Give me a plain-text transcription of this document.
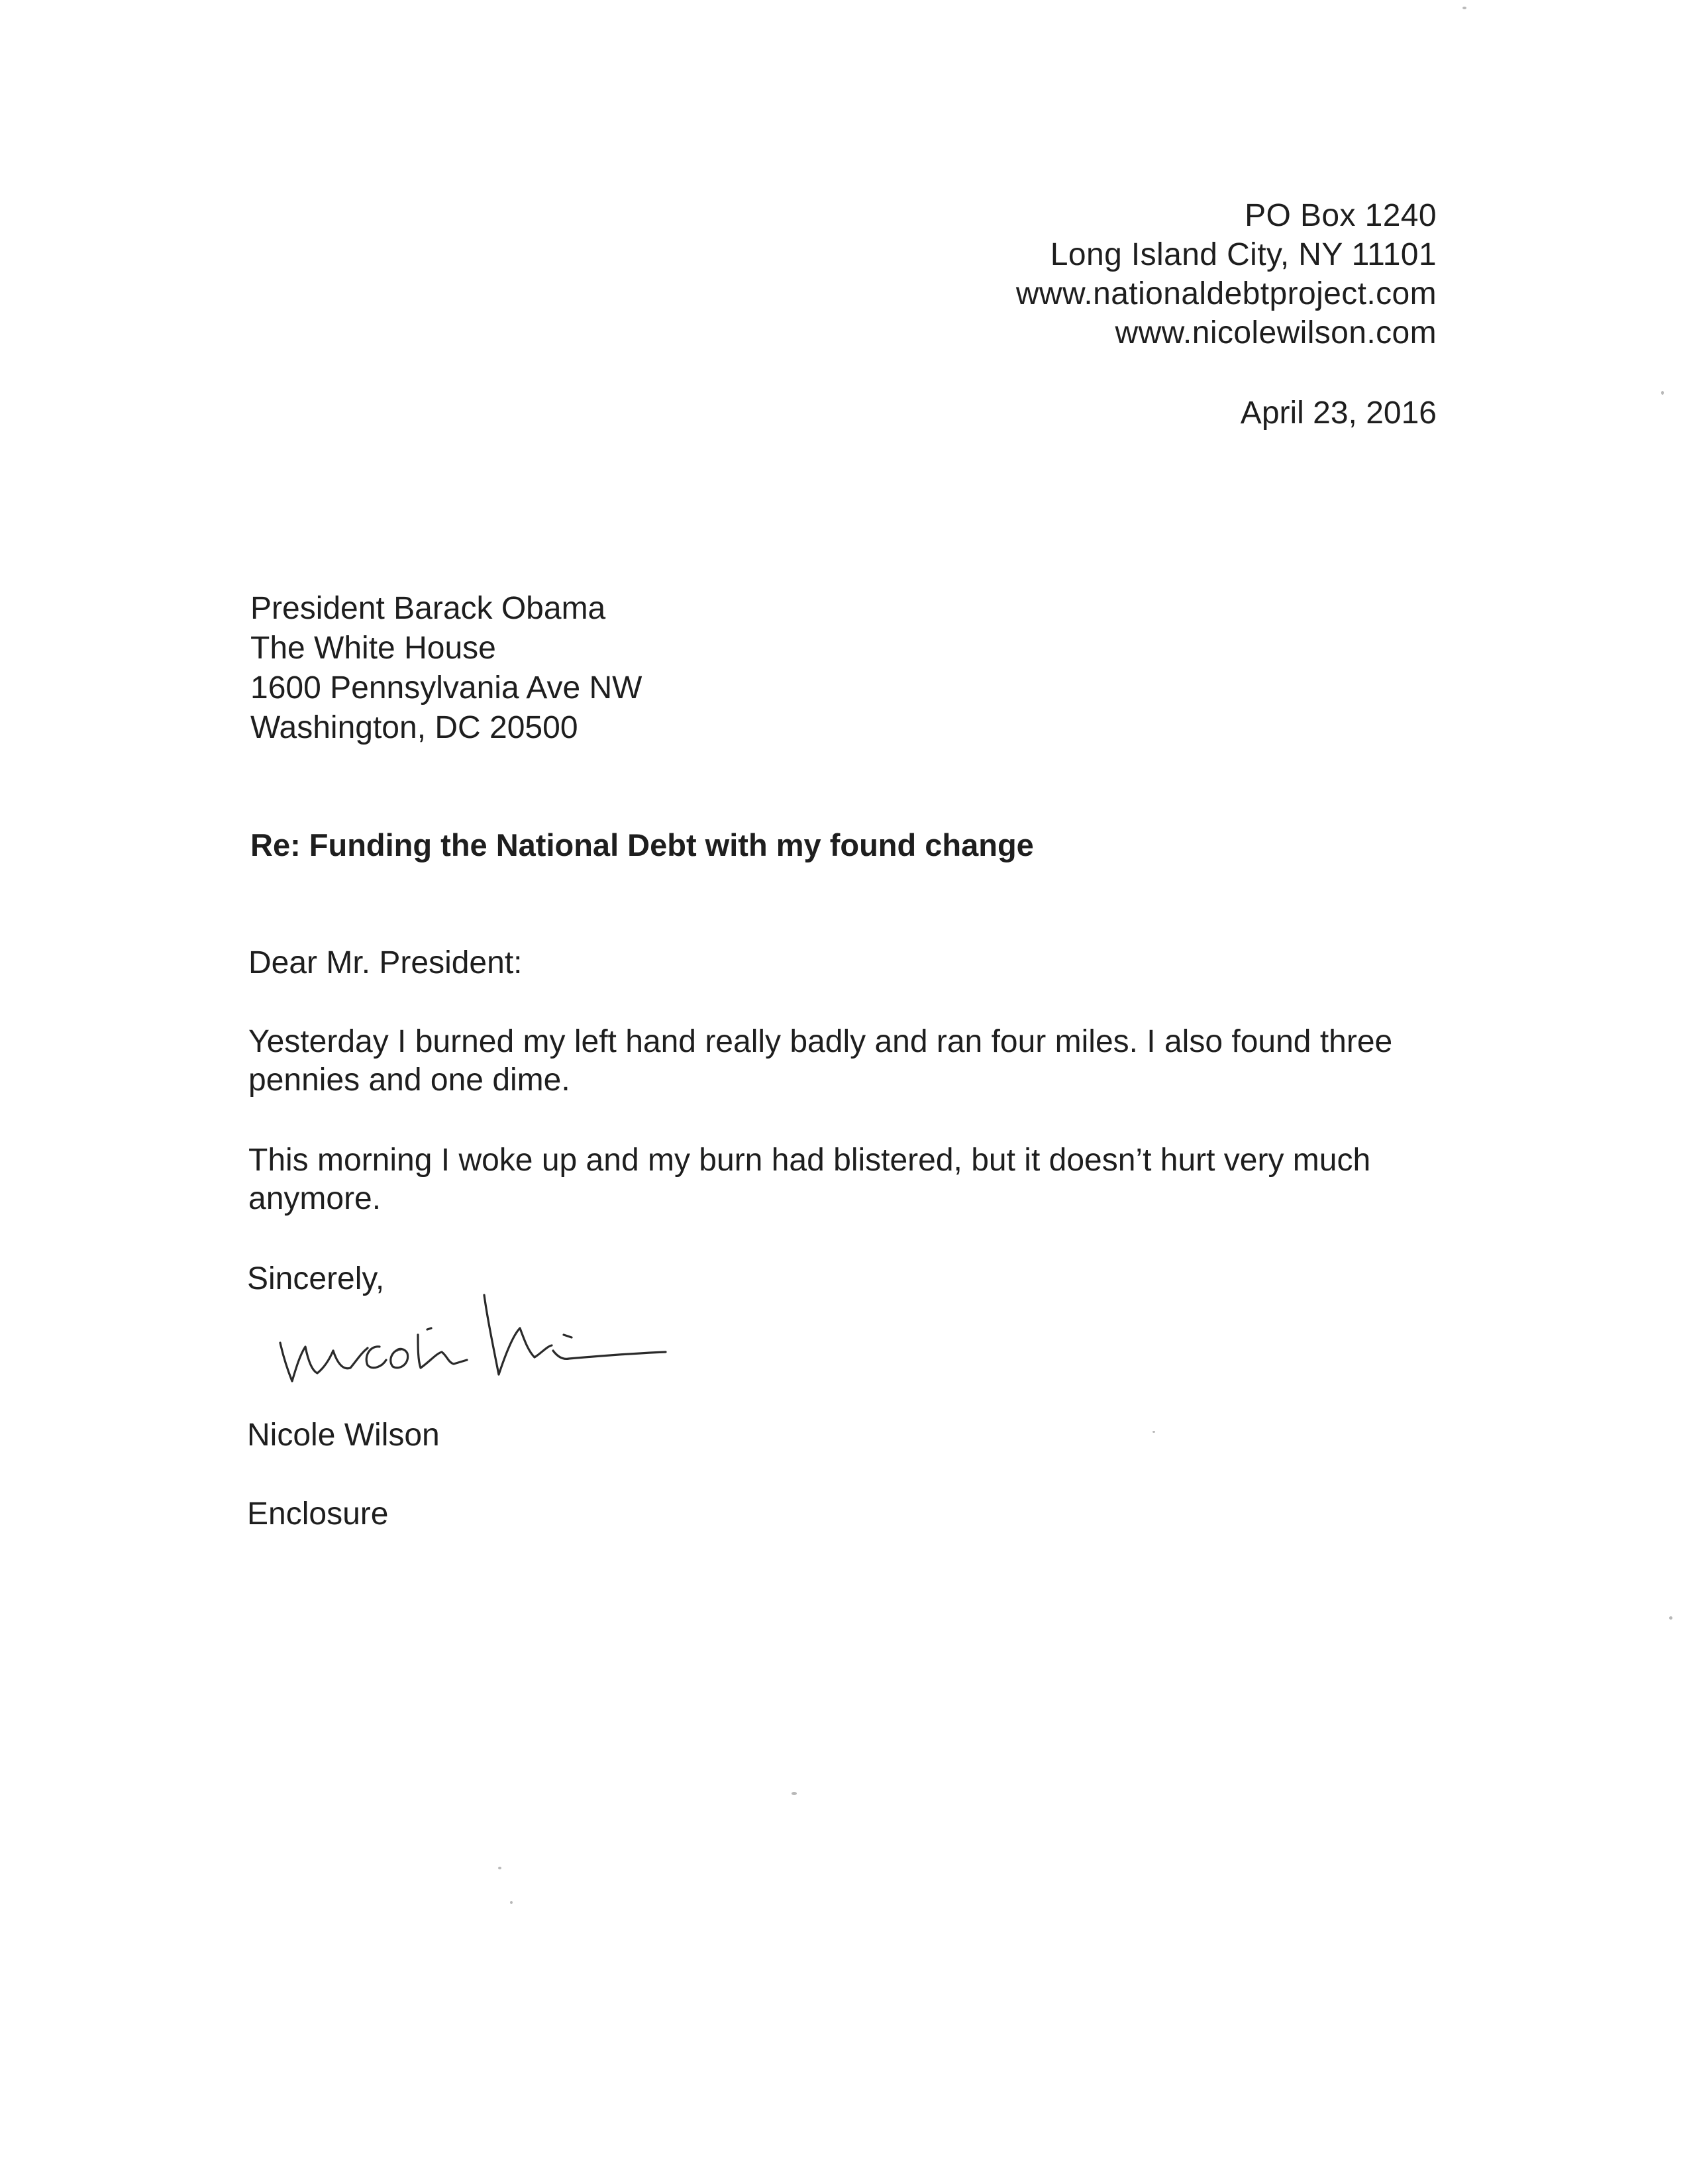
PO Box 1240
Long Island City, NY 11101
www.nationaldebtproject.com
www.nicolewilson.com
April 23, 2016
President Barack Obama
The White House
1600 Pennsylvania Ave NW
Washington, DC 20500
Re: Funding the National Debt with my found change
Dear Mr. President:
Yesterday I burned my left hand really badly and ran four miles. I also found three pennies and one dime.
This morning I woke up and my burn had blistered, but it doesn’t hurt very much anymore.
Sincerely,
Nicole Wilson
Enclosure
